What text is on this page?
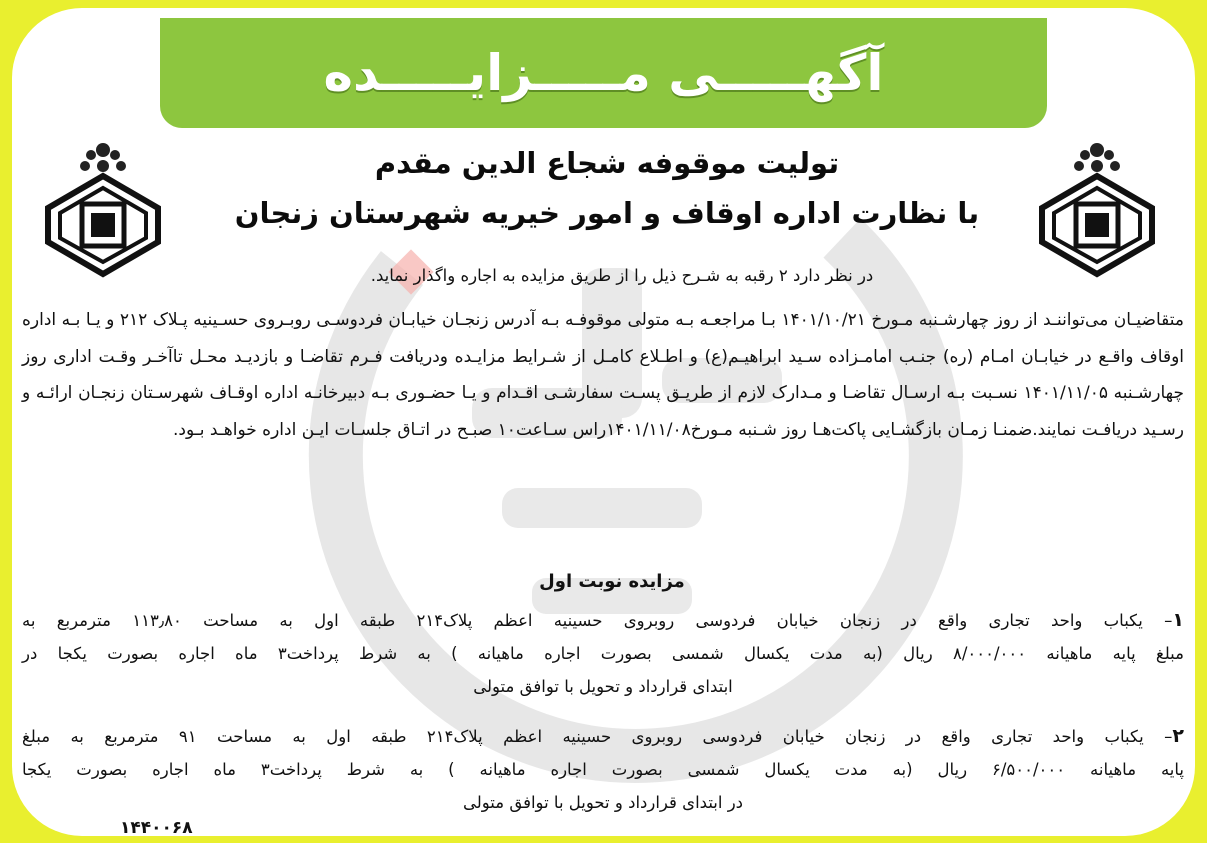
آگهـــــی مـــــزایـــــده
تولیت موقوفه شجاع الدین مقدم
با نظارت اداره اوقاف و امور خیریه شهرستان زنجان
در نظر دارد ۲ رقبه به شـرح ذیل را از طریق مزایده به اجاره واگذار نماید.
متقاضیـان می‌تواننـد از روز چهارشـنبه مـورخ ۱۴۰۱/۱۰/۲۱ بـا مراجعـه بـه متولی موقوفـه بـه آدرس زنجـان خیابـان فردوسـی روبـروی حسـینیه پـلاک ۲۱۲ و یـا بـه اداره اوقاف واقـع در خیابـان امـام (ره) جنـب امامـزاده سـید ابراهیـم(ع) و اطـلاع کامـل از شـرایط مزایـده ودریافت فـرم تقاضـا و بازدیـد محـل تاآخـر وقـت اداری روز چهارشـنبه ۱۴۰۱/۱۱/۰۵ نسـبت بـه ارسـال تقاضـا و مـدارک لازم از طریـق پسـت سفارشـی اقـدام و یـا حضـوری بـه دبیرخانـه اداره اوقـاف شهرسـتان زنجـان ارائـه و رسـید دریافـت نمایند.ضمنـا زمـان بازگشـایی پاکت‌هـا روز شـنبه مـورخ۱۴۰۱/۱۱/۰۸راس سـاعت۱۰ صبـح در اتـاق جلسـات ایـن اداره خواهـد بـود.
مزایده نوبت اول
۱– یکباب واحد تجاری واقع در زنجان خیابان فردوسی روبروی حسینیه اعظم پلاک۲۱۴ طبقه اول به مساحت ۱۱۳٫۸۰ مترمربع به
مبلغ پایه ماهیانه ۸/۰۰۰/۰۰۰ ریال (به مدت یکسال شمسی بصورت اجاره ماهیانه ) به شرط پرداخت۳ ماه اجاره بصورت یکجا در
ابتدای قرارداد و تحویل با توافق متولی
۲– یکباب واحد تجاری واقع در زنجان خیابان فردوسی روبروی حسینیه اعظم پلاک۲۱۴ طبقه اول به مساحت ۹۱ مترمربع به مبلغ
پایه ماهیانه ۶/۵۰۰/۰۰۰ ریال (به مدت یکسال شمسی بصورت اجاره ماهیانه ) به شرط پرداخت۳ ماه اجاره بصورت یکجا
در ابتدای قرارداد و تحویل با توافق متولی
۱۴۴۰۰۶۸
